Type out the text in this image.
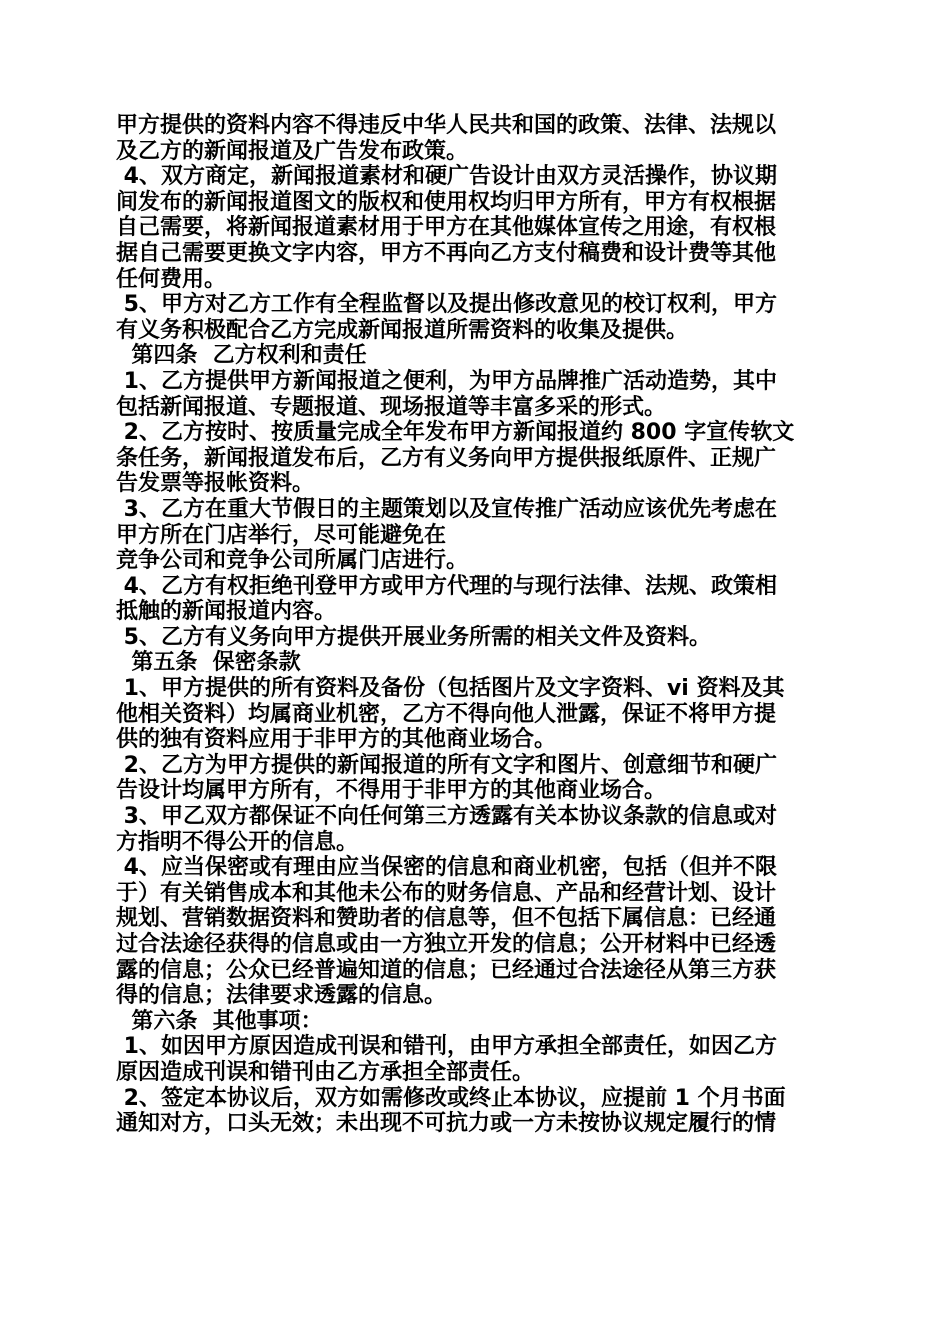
甲方提供的资料内容不得违反中华人民共和国的政策、法律、法规以
及乙方的新闻报道及广告发布政策。
4、双方商定，新闻报道素材和硬广告设计由双方灵活操作，协议期
间发布的新闻报道图文的版权和使用权均归甲方所有，甲方有权根据
自己需要，将新闻报道素材用于甲方在其他媒体宣传之用途，有权根
据自己需要更换文字内容，甲方不再向乙方支付稿费和设计费等其他
任何费用。
5、甲方对乙方工作有全程监督以及提出修改意见的校订权利，甲方
有义务积极配合乙方完成新闻报道所需资料的收集及提供。
第四条  乙方权利和责任
1、乙方提供甲方新闻报道之便利，为甲方品牌推广活动造势，其中
包括新闻报道、专题报道、现场报道等丰富多采的形式。
2、乙方按时、按质量完成全年发布甲方新闻报道约 800 字宣传软文
条任务，新闻报道发布后，乙方有义务向甲方提供报纸原件、正规广
告发票等报帐资料。
3、乙方在重大节假日的主题策划以及宣传推广活动应该优先考虑在
甲方所在门店举行，尽可能避免在
竞争公司和竞争公司所属门店进行。
4、乙方有权拒绝刊登甲方或甲方代理的与现行法律、法规、政策相
抵触的新闻报道内容。
5、乙方有义务向甲方提供开展业务所需的相关文件及资料。
第五条  保密条款
1、甲方提供的所有资料及备份（包括图片及文字资料、vi 资料及其
他相关资料）均属商业机密，乙方不得向他人泄露，保证不将甲方提
供的独有资料应用于非甲方的其他商业场合。
2、乙方为甲方提供的新闻报道的所有文字和图片、创意细节和硬广
告设计均属甲方所有，不得用于非甲方的其他商业场合。
3、甲乙双方都保证不向任何第三方透露有关本协议条款的信息或对
方指明不得公开的信息。
4、应当保密或有理由应当保密的信息和商业机密，包括（但并不限
于）有关销售成本和其他未公布的财务信息、产品和经营计划、设计
规划、营销数据资料和赞助者的信息等，但不包括下属信息：已经通
过合法途径获得的信息或由一方独立开发的信息；公开材料中已经透
露的信息；公众已经普遍知道的信息；已经通过合法途径从第三方获
得的信息；法律要求透露的信息。
第六条  其他事项：
1、如因甲方原因造成刊误和错刊，由甲方承担全部责任，如因乙方
原因造成刊误和错刊由乙方承担全部责任。
2、签定本协议后，双方如需修改或终止本协议，应提前 1 个月书面
通知对方，口头无效；未出现不可抗力或一方未按协议规定履行的情
